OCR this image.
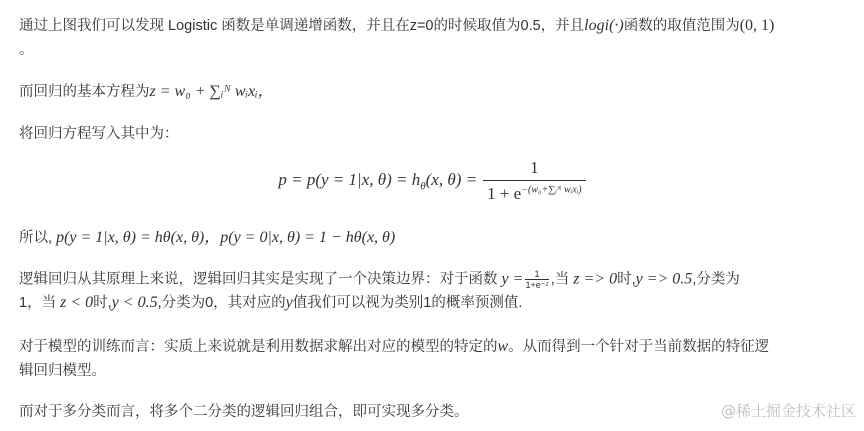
通过上图我们可以发现 Logistic 函数是单调递增函数，并且在z=0的时候取值为0.5，并且logi(·)函数的取值范围为(0, 1)
。
而回归的基本方程为z = w₀ + ∑ᵢᴺ wᵢxᵢ，
将回归方程写入其中为：
p = p(y = 1|x, $\theta) = h_\theta(x$, $\theta) = \frac{1}{1 + e^{-(w_0+\sum ᵢᴺ wᵢxᵢ)}}$
所以, p(y = 1|x, θ) = hθ(x, θ)，p(y = 0|x, θ) = 1 − hθ(x, θ)
逻辑回归从其原理上来说，逻辑回归其实是实现了一个决策边界：对于函数 $y = \frac{1}{\text{1+e⁻ᶻ}}$ ,当 z => 0时,y => 0.5,分类为
1，当 z < 0时,y < 0.5,分类为0，其对应的y值我们可以视为类别1的概率预测值.
对于模型的训练而言：实质上来说就是利用数据求解出对应的模型的特定的w。从而得到一个针对于当前数据的特征逻
辑回归模型。
而对于多分类而言，将多个二分类的逻辑回归组合，即可实现多分类。	@稀土掘金技术社区
